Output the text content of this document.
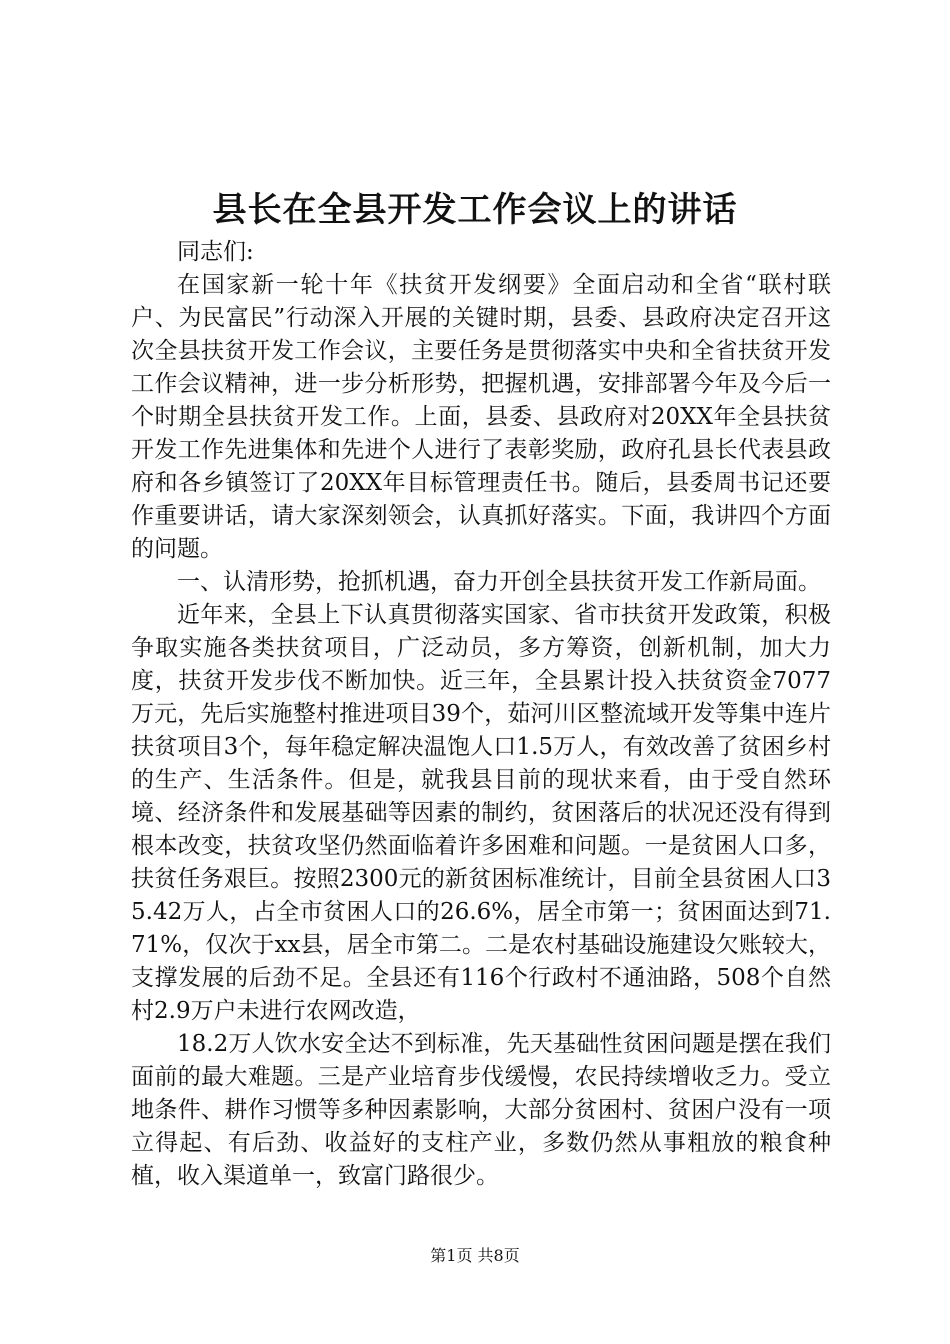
县长在全县开发工作会议上的讲话

同志们:

在国家新一轮十年《扶贫开发纲要》全面启动和全省“联村联户、为民富民”行动深入开展的关键时期，县委、县政府决定召开这次全县扶贫开发工作会议，主要任务是贯彻落实中央和全省扶贫开发工作会议精神，进一步分析形势，把握机遇，安排部署今年及今后一个时期全县扶贫开发工作。上面，县委、县政府对20XX年全县扶贫开发工作先进集体和先进个人进行了表彰奖励，政府孔县长代表县政府和各乡镇签订了20XX年目标管理责任书。随后，县委周书记还要作重要讲话，请大家深刻领会，认真抓好落实。下面，我讲四个方面的问题。

一、认清形势，抢抓机遇，奋力开创全县扶贫开发工作新局面。

近年来，全县上下认真贯彻落实国家、省市扶贫开发政策，积极争取实施各类扶贫项目，广泛动员，多方筹资，创新机制，加大力度，扶贫开发步伐不断加快。近三年，全县累计投入扶贫资金7077万元，先后实施整村推进项目39个，茹河川区整流域开发等集中连片扶贫项目3个，每年稳定解决温饱人口1.5万人，有效改善了贫困乡村的生产、生活条件。但是，就我县目前的现状来看，由于受自然环境、经济条件和发展基础等因素的制约，贫困落后的状况还没有得到根本改变，扶贫攻坚仍然面临着许多困难和问题。一是贫困人口多，扶贫任务艰巨。按照2300元的新贫困标准统计，目前全县贫困人口35.42万人，占全市贫困人口的26.6%，居全市第一；贫困面达到71.71%，仅次于xx县，居全市第二。二是农村基础设施建设欠账较大，支撑发展的后劲不足。全县还有116个行政村不通油路，508个自然村2.9万户未进行农网改造，

18.2万人饮水安全达不到标准，先天基础性贫困问题是摆在我们面前的最大难题。三是产业培育步伐缓慢，农民持续增收乏力。受立地条件、耕作习惯等多种因素影响，大部分贫困村、贫困户没有一项立得起、有后劲、收益好的支柱产业，多数仍然从事粗放的粮食种植，收入渠道单一，致富门路很少。

第1页 共8页
